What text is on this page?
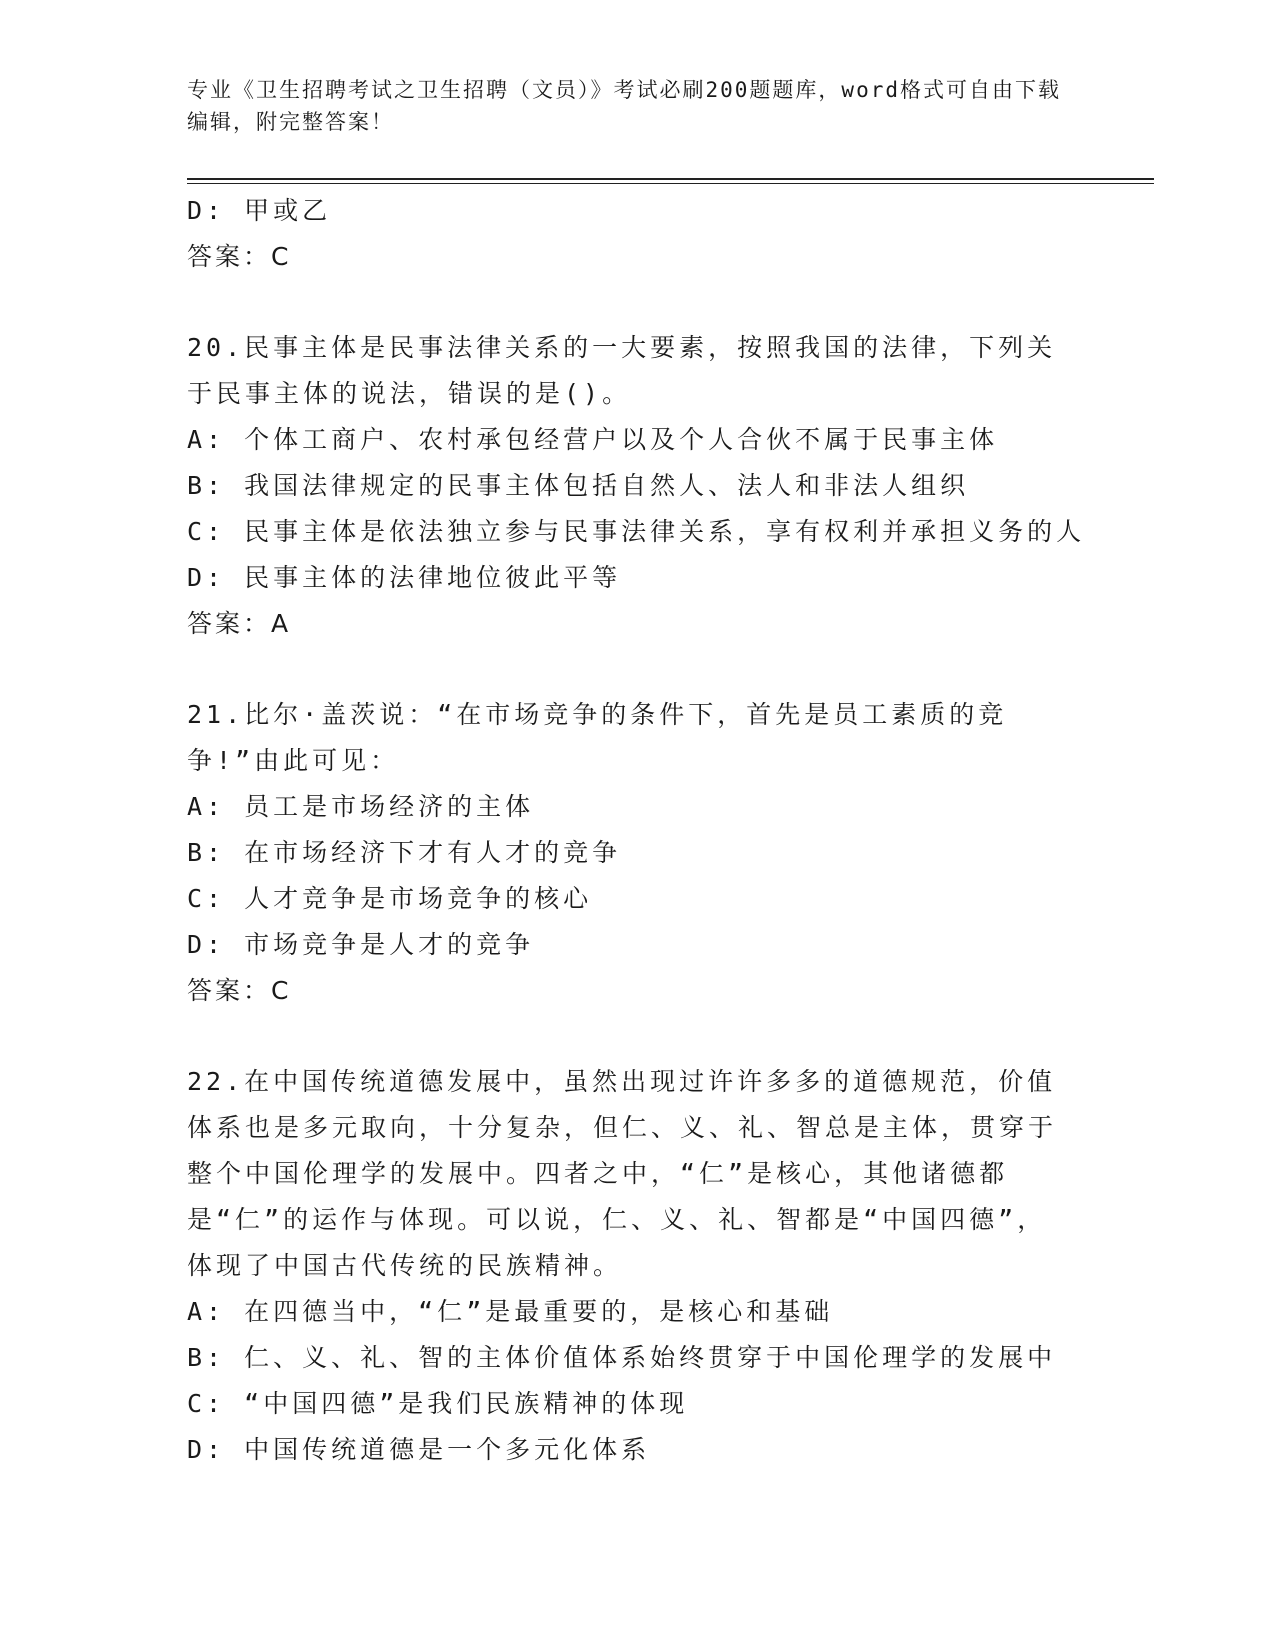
专业《卫生招聘考试之卫生招聘（文员）》考试必刷200题题库，word格式可自由下载编辑，附完整答案！
D: 甲或乙
答案：C
20.民事主体是民事法律关系的一大要素，按照我国的法律，下列关于民事主体的说法，错误的是()。
A: 个体工商户、农村承包经营户以及个人合伙不属于民事主体
B: 我国法律规定的民事主体包括自然人、法人和非法人组织
C: 民事主体是依法独立参与民事法律关系，享有权利并承担义务的人
D: 民事主体的法律地位彼此平等
答案：A
21.比尔·盖茨说：“在市场竞争的条件下，首先是员工素质的竞争!”由此可见：
A: 员工是市场经济的主体
B: 在市场经济下才有人才的竞争
C: 人才竞争是市场竞争的核心
D: 市场竞争是人才的竞争
答案：C
22.在中国传统道德发展中，虽然出现过许许多多的道德规范，价值体系也是多元取向，十分复杂，但仁、义、礼、智总是主体，贯穿于整个中国伦理学的发展中。四者之中，“仁”是核心，其他诸德都是“仁”的运作与体现。可以说，仁、义、礼、智都是“中国四德”，体现了中国古代传统的民族精神。
A: 在四德当中，“仁”是最重要的，是核心和基础
B: 仁、义、礼、智的主体价值体系始终贯穿于中国伦理学的发展中
C: “中国四德”是我们民族精神的体现
D: 中国传统道德是一个多元化体系
